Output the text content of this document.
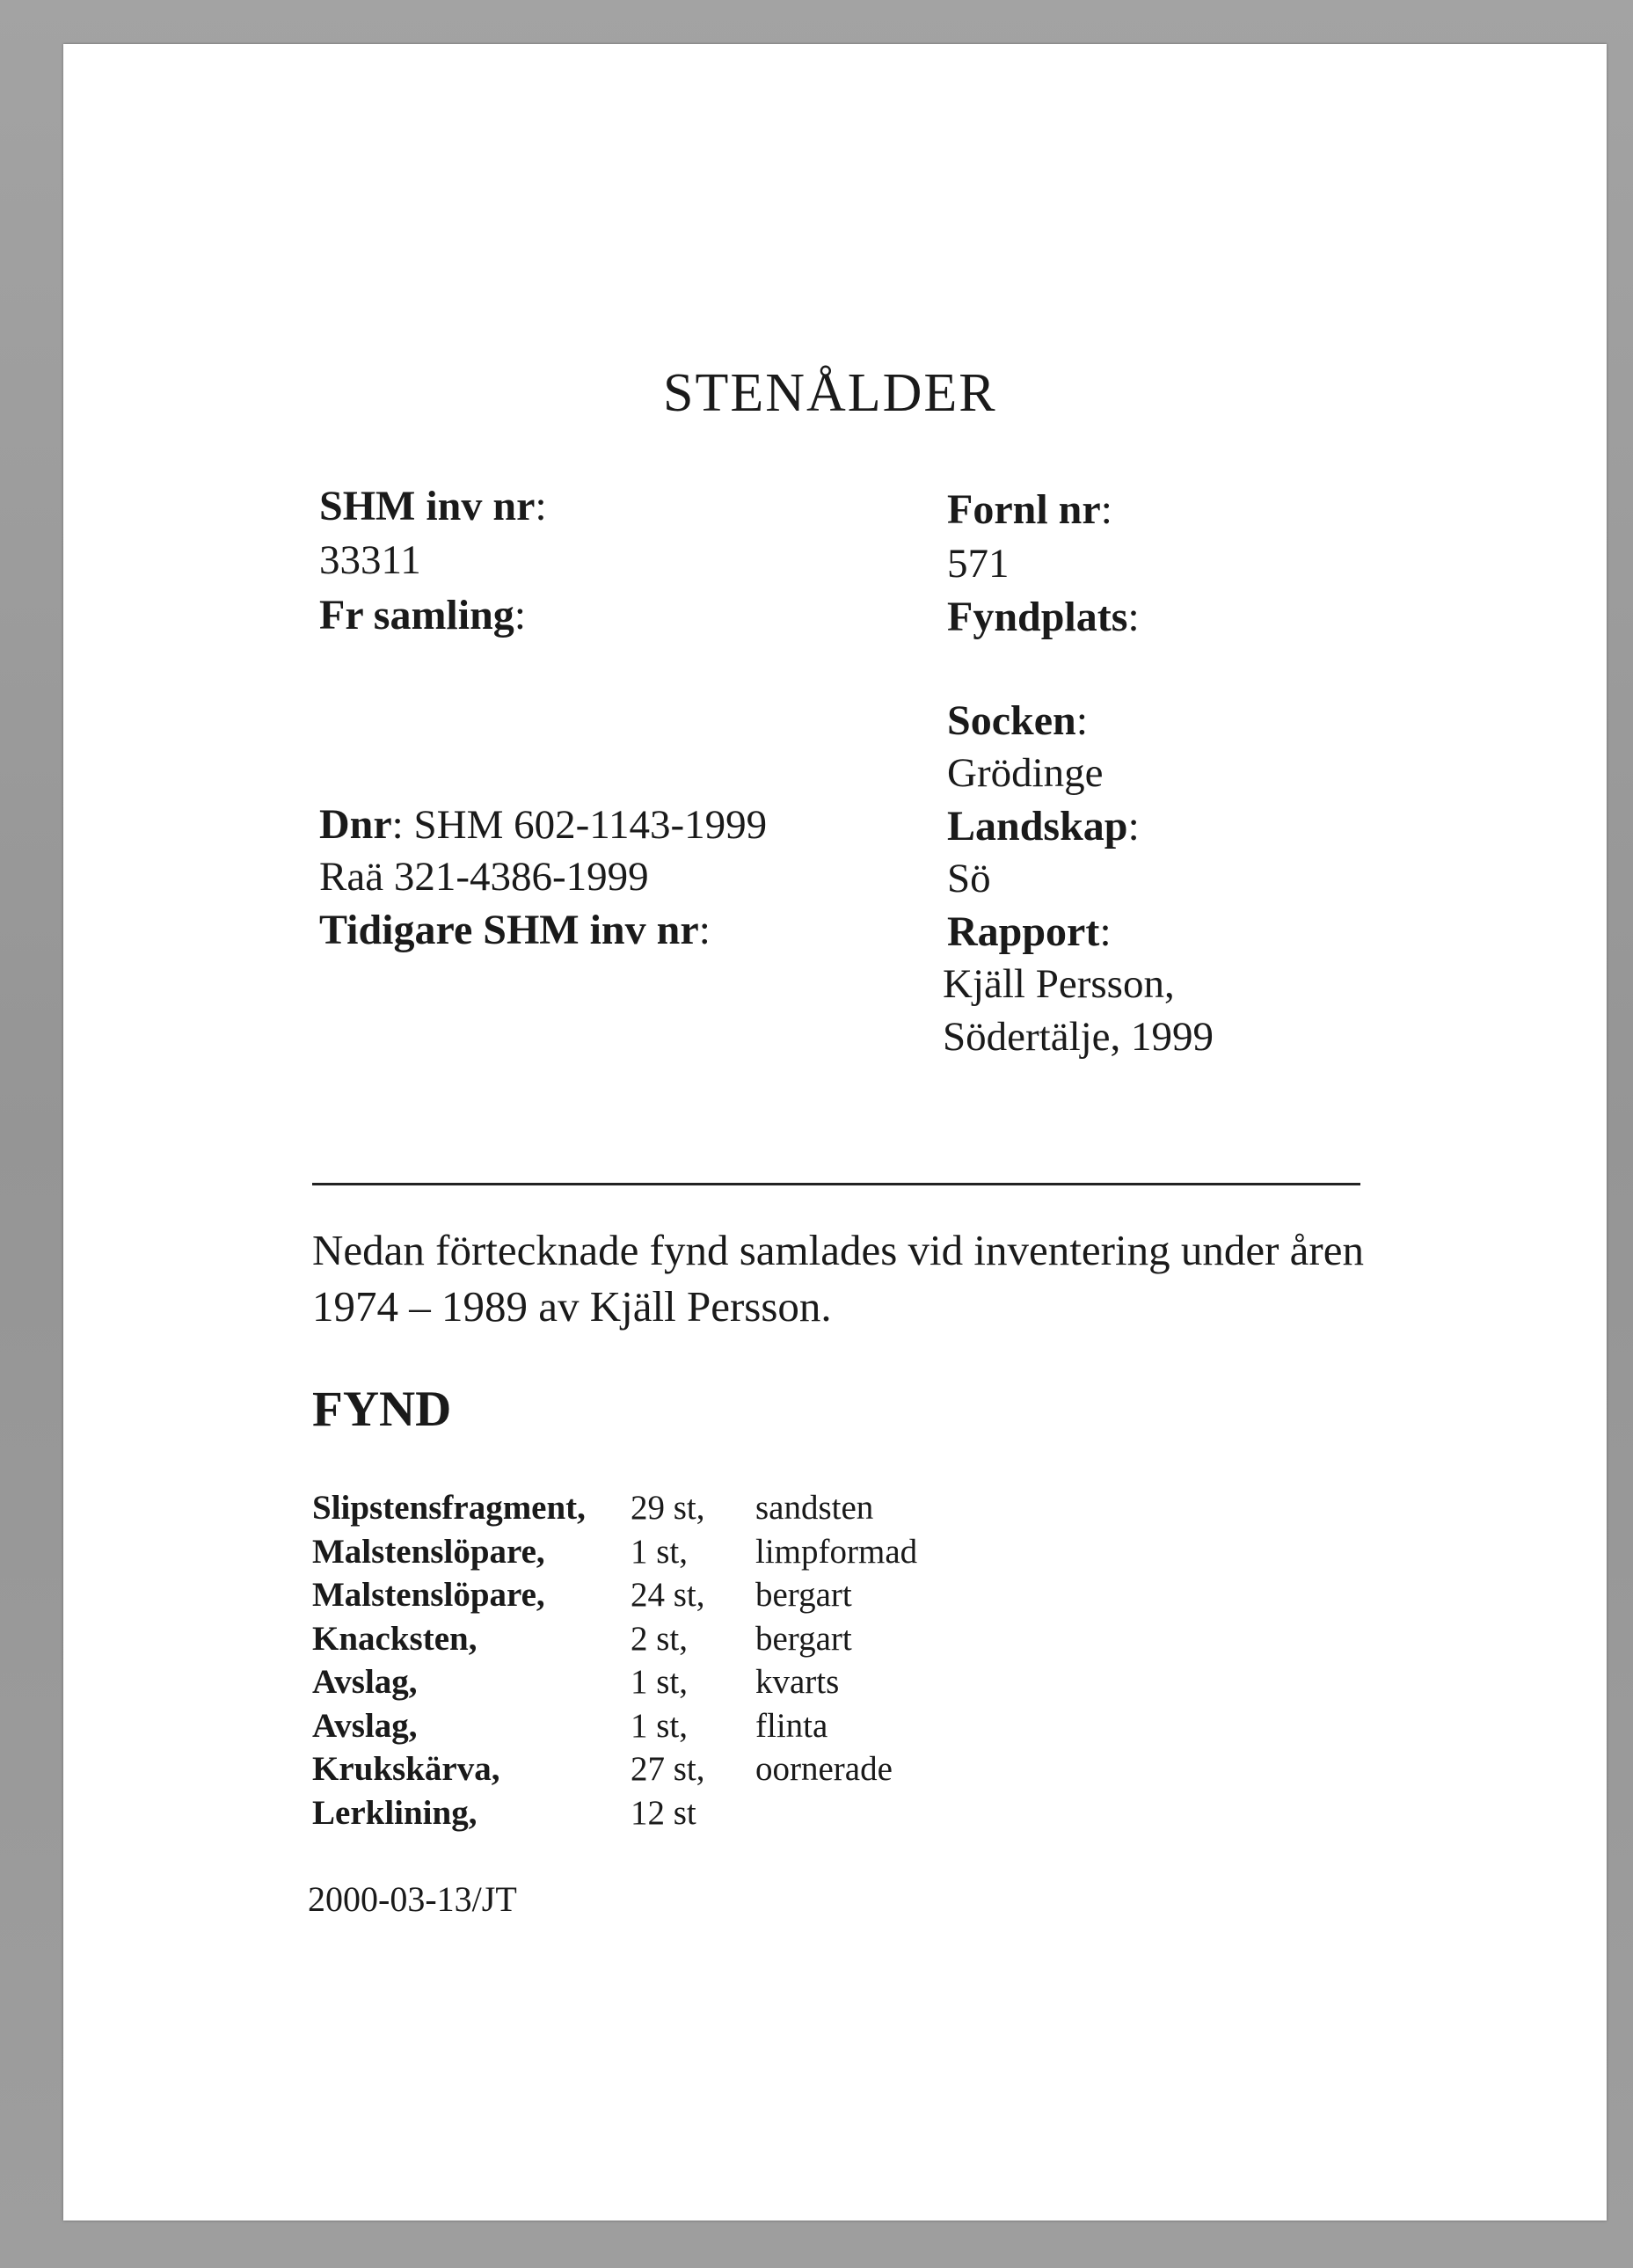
STENÅLDER
SHM inv nr:
33311
Fr samling:
Dnr: SHM 602-1143-1999
Raä 321-4386-1999
Tidigare SHM inv nr:
Fornl nr:
571
Fyndplats:
Socken:
Grödinge
Landskap:
Sö
Rapport:
Kjäll Persson,
Södertälje, 1999
Nedan förtecknade fynd samlades vid inventering under åren 1974 – 1989 av Kjäll Persson.
FYND
Slipstensfragment,	29 st,	sandsten
Malstenslöpare,	1 st,	limpformad
Malstenslöpare,	24 st,	bergart
Knacksten,	2 st,	bergart
Avslag,	1 st,	kvarts
Avslag,	1 st,	flinta
Krukskärva,	27 st,	oornerade
Lerklining,	12 st
2000-03-13/JT
